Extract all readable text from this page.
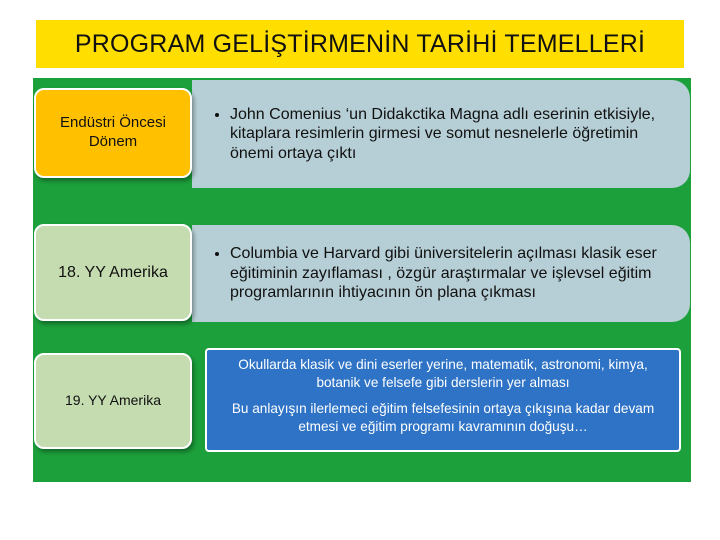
PROGRAM GELİŞTİRMENİN TARİHİ TEMELLERİ
• John Comenius ‘un Didakctika Magna adlı eserinin etkisiyle, kitaplara resimlerin girmesi ve somut nesnelerle öğretimin önemi ortaya çıktı
Endüstri Öncesi
Dönem
• Columbia ve Harvard gibi üniversitelerin açılması klasik eser eğitiminin zayıflaması , özgür araştırmalar ve işlevsel eğitim programlarının ihtiyacının ön plana çıkması
18. YY Amerika
19. YY Amerika

Okullarda klasik ve dini eserler yerine, matematik, astronomi, kimya, botanik ve felsefe gibi derslerin yer alması

Bu anlayışın ilerlemeci eğitim felsefesinin ortaya çıkışına kadar devam etmesi ve eğitim programı kavramının doğuşu…
